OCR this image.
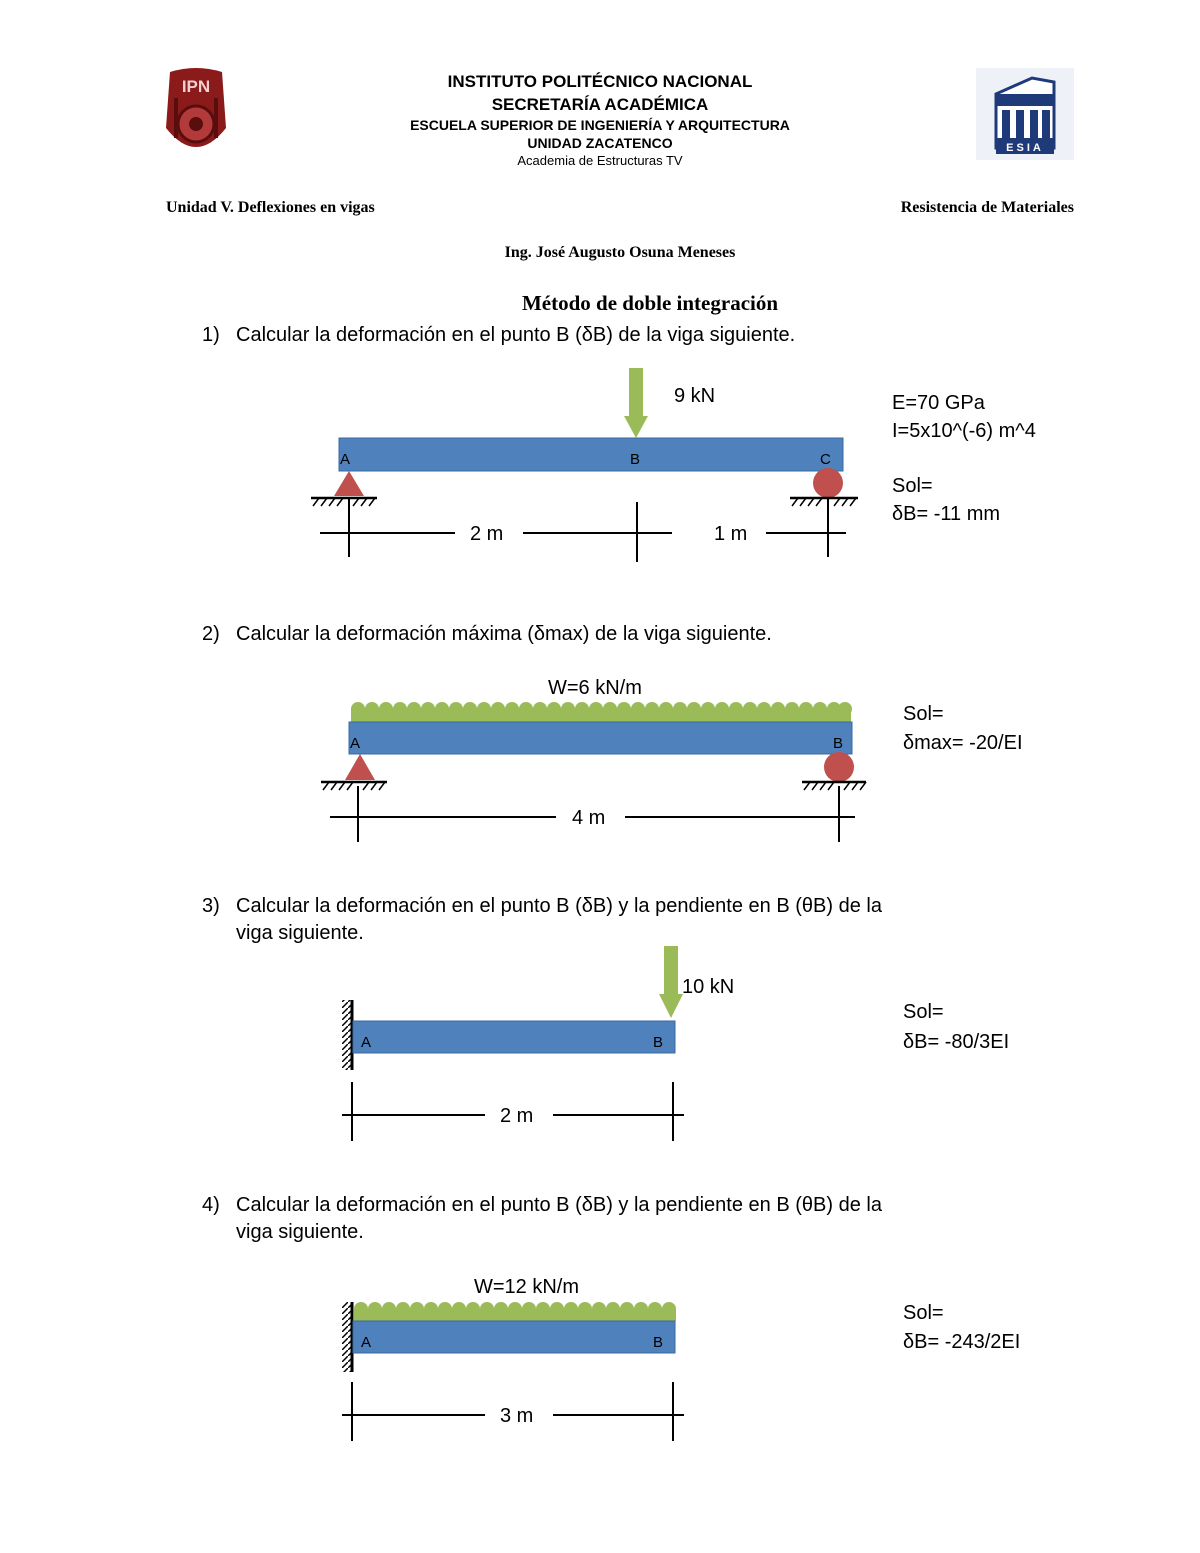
IPN
ESIA
INSTITUTO POLITÉCNICO NACIONAL
SECRETARÍA ACADÉMICA
ESCUELA SUPERIOR DE INGENIERÍA Y ARQUITECTURA
UNIDAD ZACATENCO
Academia de Estructuras TV
Unidad V. Deflexiones en vigas	Resistencia de Materiales
Ing. José Augusto Osuna Meneses
Método de doble integración
1) Calcular la deformación en el punto B (δB) de la viga siguiente.
9 kN
A	B	C
2 m	1 m
W=6 kN/m
A	B
4 m
10 kN
A	B
2 m
W=12 kN/m
A	B
3 m
E=70 GPa
I=5x10^(-6) m^4
Sol=
δB= -11 mm
2) Calcular la deformación máxima (δmax) de la viga siguiente.
Sol=
δmax= -20/EI
3) Calcular la deformación en el punto B (δB) y la pendiente en B (θB) de la
viga siguiente.
Sol=
δB= -80/3EI
4) Calcular la deformación en el punto B (δB) y la pendiente en B (θB) de la
viga siguiente.
Sol=
δB= -243/2EI
